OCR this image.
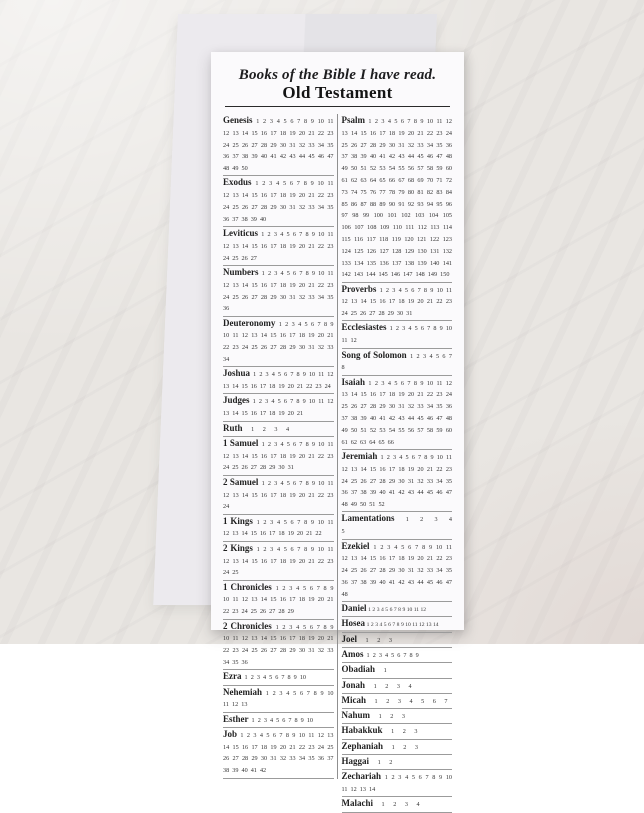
Books of the Bible I have read.
Old Testament

Genesis 1 2 3 4 5 6 7 8 9 10 11 12 13 14 15 16 17 18 19 20 21 22 23 24 25 26 27 28 29 30 31 32 33 34 35 36 37 38 39 40 41 42 43 44 45 46 47 48 49 50

Exodus 1 2 3 4 5 6 7 8 9 10 11 12 13 14 15 16 17 18 19 20 21 22 23 24 25 26 27 28 29 30 31 32 33 34 35 36 37 38 39 40

Leviticus 1 2 3 4 5 6 7 8 9 10 11 12 13 14 15 16 17 18 19 20 21 22 23 24 25 26 27

Numbers 1 2 3 4 5 6 7 8 9 10 11 12 13 14 15 16 17 18 19 20 21 22 23 24 25 26 27 28 29 30 31 32 33 34 35 36

Deuteronomy 1 2 3 4 5 6 7 8 9 10 11 12 13 14 15 16 17 18 19 20 21 22 23 24 25 26 27 28 29 30 31 32 33 34

Joshua 1 2 3 4 5 6 7 8 9 10 11 12 13 14 15 16 17 18 19 20 21 22 23 24

Judges 1 2 3 4 5 6 7 8 9 10 11 12 13 14 15 16 17 18 19 20 21

Ruth 1 2 3 4

1 Samuel 1 2 3 4 5 6 7 8 9 10 11 12 13 14 15 16 17 18 19 20 21 22 23 24 25 26 27 28 29 30 31

2 Samuel 1 2 3 4 5 6 7 8 9 10 11 12 13 14 15 16 17 18 19 20 21 22 23 24

1 Kings 1 2 3 4 5 6 7 8 9 10 11 12 13 14 15 16 17 18 19 20 21 22

2 Kings 1 2 3 4 5 6 7 8 9 10 11 12 13 14 15 16 17 18 19 20 21 22 23 24 25

1 Chronicles 1 2 3 4 5 6 7 8 9 10 11 12 13 14 15 16 17 18 19 20 21 22 23 24 25 26 27 28 29

2 Chronicles 1 2 3 4 5 6 7 8 9 10 11 12 13 14 15 16 17 18 19 20 21 22 23 24 25 26 27 28 29 30 31 32 33 34 35 36

Ezra 1 2 3 4 5 6 7 8 9 10

Nehemiah 1 2 3 4 5 6 7 8 9 10 11 12 13

Esther 1 2 3 4 5 6 7 8 9 10

Job 1 2 3 4 5 6 7 8 9 10 11 12 13 14 15 16 17 18 19 20 21 22 23 24 25 26 27 28 29 30 31 32 33 34 35 36 37 38 39 40 41 42

Psalm 1 2 3 4 5 6 7 8 9 10 11 12 13 14 15 16 17 18 19 20 21 22 23 24 25 26 27 28 29 30 31 32 33 34 35 36 37 38 39 40 41 42 43 44 45 46 47 48 49 50 51 52 53 54 55 56 57 58 59 60 61 62 63 64 65 66 67 68 69 70 71 72 73 74 75 76 77 78 79 80 81 82 83 84 85 86 87 88 89 90 91 92 93 94 95 96 97 98 99 100 101 102 103 104 105 106 107 108 109 110 111 112 113 114 115 116 117 118 119 120 121 122 123 124 125 126 127 128 129 130 131 132 133 134 135 136 137 138 139 140 141 142 143 144 145 146 147 148 149 150

Proverbs 1 2 3 4 5 6 7 8 9 10 11 12 13 14 15 16 17 18 19 20 21 22 23 24 25 26 27 28 29 30 31

Ecclesiastes 1 2 3 4 5 6 7 8 9 10 11 12

Song of Solomon 1 2 3 4 5 6 7 8

Isaiah 1 2 3 4 5 6 7 8 9 10 11 12 13 14 15 16 17 18 19 20 21 22 23 24 25 26 27 28 29 30 31 32 33 34 35 36 37 38 39 40 41 42 43 44 45 46 47 48 49 50 51 52 53 54 55 56 57 58 59 60 61 62 63 64 65 66

Jeremiah 1 2 3 4 5 6 7 8 9 10 11 12 13 14 15 16 17 18 19 20 21 22 23 24 25 26 27 28 29 30 31 32 33 34 35 36 37 38 39 40 41 42 43 44 45 46 47 48 49 50 51 52

Lamentations 1 2 3 4 5

Ezekiel 1 2 3 4 5 6 7 8 9 10 11 12 13 14 15 16 17 18 19 20 21 22 23 24 25 26 27 28 29 30 31 32 33 34 35 36 37 38 39 40 41 42 43 44 45 46 47 48

Daniel 1 2 3 4 5 6 7 8 9 10 11 12

Hosea 1 2 3 4 5 6 7 8 9 10 11 12 13 14

Joel 1 2 3

Amos 1 2 3 4 5 6 7 8 9

Obadiah 1

Jonah 1 2 3 4

Micah 1 2 3 4 5 6 7

Nahum 1 2 3

Habakkuk 1 2 3

Zephaniah 1 2 3

Haggai 1 2

Zechariah 1 2 3 4 5 6 7 8 9 10 11 12 13 14

Malachi 1 2 3 4
